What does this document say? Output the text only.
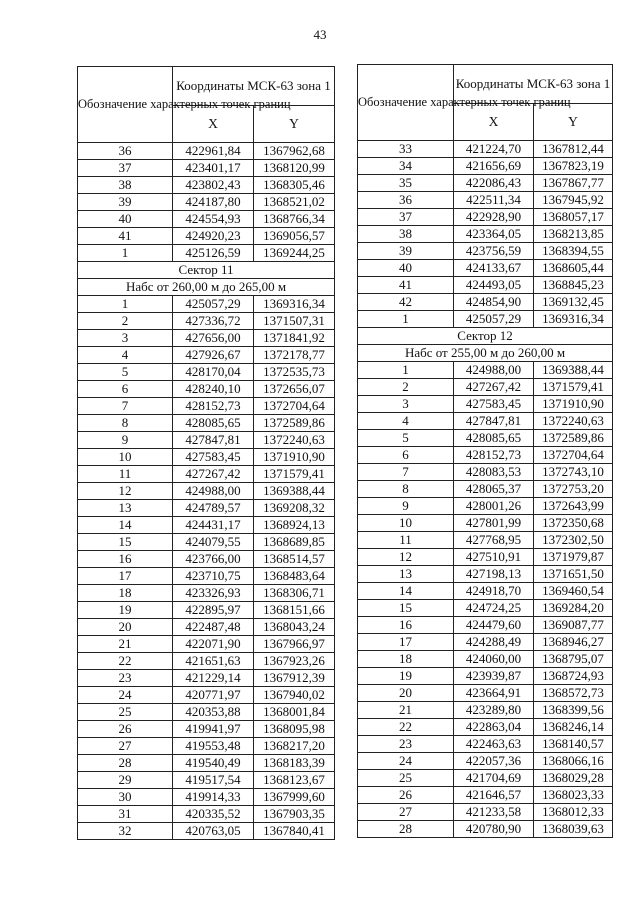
43
Обозначение характерных точек границ	Координаты МСК-63 зона 1	
	X	Y
36	422961,84	1367962,68
37	423401,17	1368120,99
38	423802,43	1368305,46
39	424187,80	1368521,02
40	424554,93	1368766,34
41	424920,23	1369056,57
1	425126,59	1369244,25
Сектор 11		
Набс от 260,00 м до 265,00 м		
1	425057,29	1369316,34
2	427336,72	1371507,31
3	427656,00	1371841,92
4	427926,67	1372178,77
5	428170,04	1372535,73
6	428240,10	1372656,07
7	428152,73	1372704,64
8	428085,65	1372589,86
9	427847,81	1372240,63
10	427583,45	1371910,90
11	427267,42	1371579,41
12	424988,00	1369388,44
13	424789,57	1369208,32
14	424431,17	1368924,13
15	424079,55	1368689,85
16	423766,00	1368514,57
17	423710,75	1368483,64
18	423326,93	1368306,71
19	422895,97	1368151,66
20	422487,48	1368043,24
21	422071,90	1367966,97
22	421651,63	1367923,26
23	421229,14	1367912,39
24	420771,97	1367940,02
25	420353,88	1368001,84
26	419941,97	1368095,98
27	419553,48	1368217,20
28	419540,49	1368183,39
29	419517,54	1368123,67
30	419914,33	1367999,60
31	420335,52	1367903,35
32	420763,05	1367840,41
Обозначение характерных точек границ	Координаты МСК-63 зона 1	
	X	Y
33	421224,70	1367812,44
34	421656,69	1367823,19
35	422086,43	1367867,77
36	422511,34	1367945,92
37	422928,90	1368057,17
38	423364,05	1368213,85
39	423756,59	1368394,55
40	424133,67	1368605,44
41	424493,05	1368845,23
42	424854,90	1369132,45
1	425057,29	1369316,34
Сектор 12		
Набс от 255,00 м до 260,00 м		
1	424988,00	1369388,44
2	427267,42	1371579,41
3	427583,45	1371910,90
4	427847,81	1372240,63
5	428085,65	1372589,86
6	428152,73	1372704,64
7	428083,53	1372743,10
8	428065,37	1372753,20
9	428001,26	1372643,99
10	427801,99	1372350,68
11	427768,95	1372302,50
12	427510,91	1371979,87
13	427198,13	1371651,50
14	424918,70	1369460,54
15	424724,25	1369284,20
16	424479,60	1369087,77
17	424288,49	1368946,27
18	424060,00	1368795,07
19	423939,87	1368724,93
20	423664,91	1368572,73
21	423289,80	1368399,56
22	422863,04	1368246,14
23	422463,63	1368140,57
24	422057,36	1368066,16
25	421704,69	1368029,28
26	421646,57	1368023,33
27	421233,58	1368012,33
28	420780,90	1368039,63
